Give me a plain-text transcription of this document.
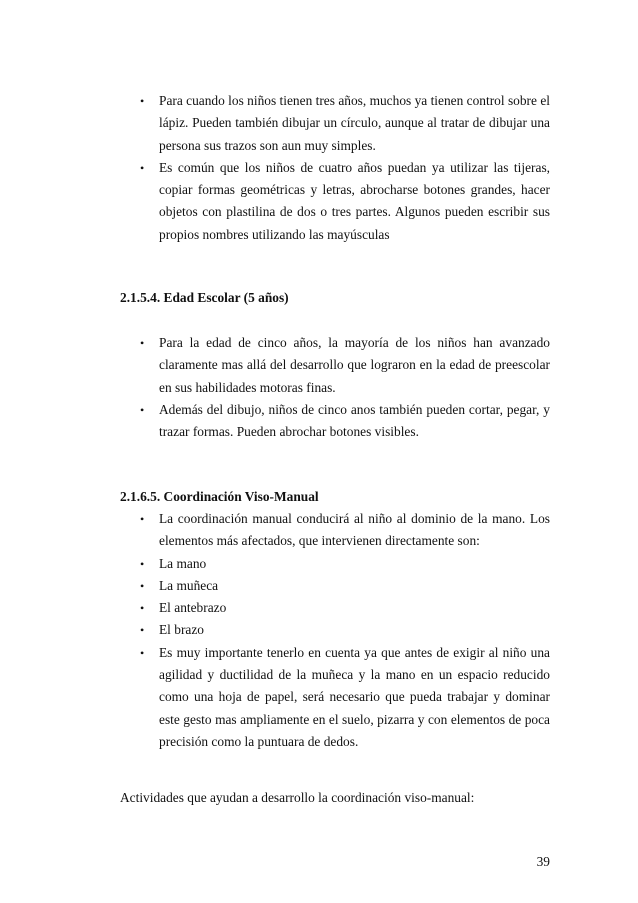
• Para cuando los niños tienen tres años, muchos ya tienen control sobre el lápiz. Pueden también dibujar un círculo, aunque al tratar de dibujar una persona sus trazos son aun muy simples.
• Es común que los niños de cuatro años puedan ya utilizar las tijeras, copiar formas geométricas y letras, abrocharse botones grandes, hacer objetos con plastilina de dos o tres partes. Algunos pueden escribir sus propios nombres utilizando las mayúsculas
2.1.5.4. Edad Escolar (5 años)
• Para la edad de cinco años, la mayoría de los niños han avanzado claramente mas allá del desarrollo que lograron en la edad de preescolar en sus habilidades motoras finas.
• Además del dibujo, niños de cinco anos también pueden cortar, pegar, y trazar formas. Pueden abrochar botones visibles.
2.1.6.5. Coordinación Viso-Manual
• La coordinación manual conducirá al niño al dominio de la mano. Los elementos más afectados, que intervienen directamente son:
• La mano
• La muñeca
• El antebrazo
• El brazo
• Es muy importante tenerlo en cuenta ya que antes de exigir al niño una agilidad y ductilidad de la muñeca y la mano en un espacio reducido como una hoja de papel, será necesario que pueda trabajar y dominar este gesto mas ampliamente en el suelo, pizarra y con elementos de poca precisión como la puntuara de dedos.
Actividades que ayudan a desarrollo la coordinación viso-manual:
39
